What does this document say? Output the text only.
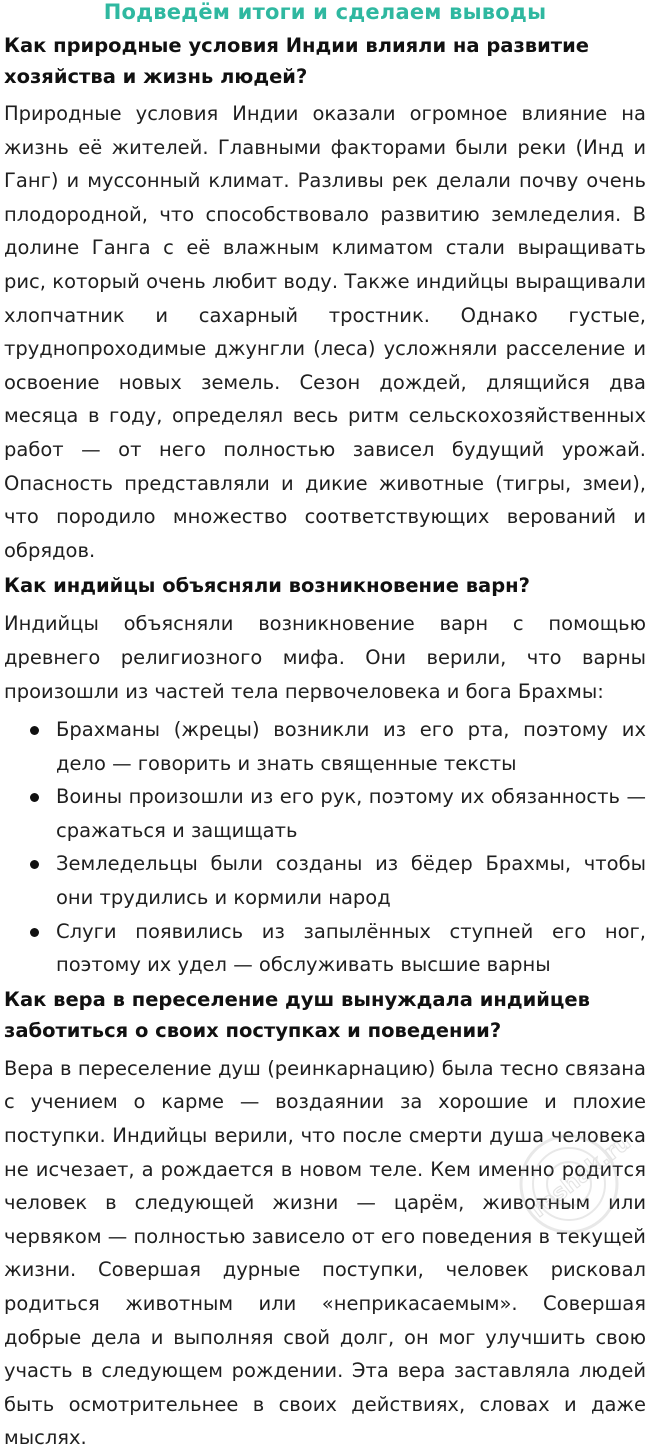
Подведём итоги и сделаем выводы
Как природные условия Индии влияли на развитие хозяйства и жизнь людей?

Природные условия Индии оказали огромное влияние на жизнь её жителей. Главными факторами были реки (Инд и Ганг) и муссонный климат. Разливы рек делали почву очень плодородной, что способствовало развитию земледелия. В долине Ганга с её влажным климатом стали выращивать рис, который очень любит воду. Также индийцы выращивали хлопчатник и сахарный тростник. Однако густые, труднопроходимые джунгли (леса) усложняли расселение и освоение новых земель. Сезон дождей, длящийся два месяца в году, определял весь ритм сельскохозяйственных работ — от него полностью зависел будущий урожай. Опасность представляли и дикие животные (тигры, змеи), что породило множество соответствующих верований и обрядов.

Как индийцы объясняли возникновение варн?

Индийцы объясняли возникновение варн с помощью древнего религиозного мифа. Они верили, что варны произошли из частей тела первочеловека и бога Брахмы:

Брахманы (жрецы) возникли из его рта, поэтому их дело — говорить и знать священные тексты
Воины произошли из его рук, поэтому их обязанность — сражаться и защищать
Земледельцы были созданы из бёдер Брахмы, чтобы они трудились и кормили народ
Слуги появились из запылённых ступней его ног, поэтому их удел — обслуживать высшие варны
Как вера в переселение душ вынуждала индийцев заботиться о своих поступках и поведении?

Вера в переселение душ (реинкарнацию) была тесно связана с учением о карме — воздаянии за хорошие и плохие поступки. Индийцы верили, что после смерти душа человека не исчезает, а рождается в новом теле. Кем именно родится человек в следующей жизни — царём, животным или червяком — полностью зависело от его поведения в текущей жизни. Совершая дурные поступки, человек рисковал родиться животным или «неприкасаемым». Совершая добрые дела и выполняя свой долг, он мог улучшить свою участь в следующем рождении. Эта вера заставляла людей быть осмотрительнее в своих действиях, словах и даже мыслях.

reshak.ru
